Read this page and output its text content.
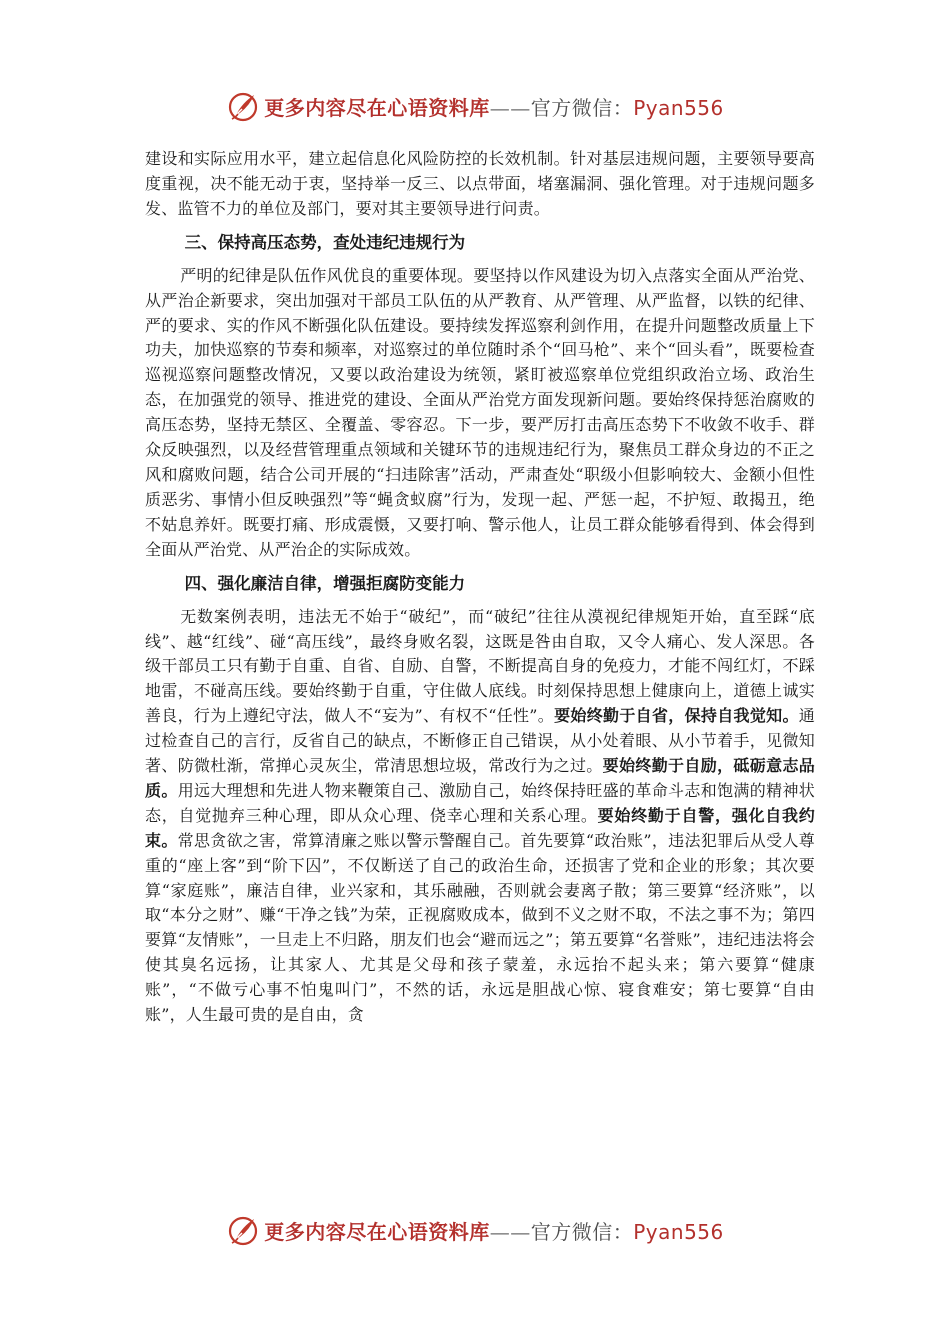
更多内容尽在心语资料库——官方微信：Pyan556

建设和实际应用水平，建立起信息化风险防控的长效机制。针对基层违规问题，主要领导要高度重视，决不能无动于衷，坚持举一反三、以点带面，堵塞漏洞、强化管理。对于违规问题多发、监管不力的单位及部门，要对其主要领导进行问责。

三、保持高压态势，查处违纪违规行为

严明的纪律是队伍作风优良的重要体现。要坚持以作风建设为切入点落实全面从严治党、从严治企新要求，突出加强对干部员工队伍的从严教育、从严管理、从严监督，以铁的纪律、严的要求、实的作风不断强化队伍建设。要持续发挥巡察利剑作用，在提升问题整改质量上下功夫，加快巡察的节奏和频率，对巡察过的单位随时杀个“回马枪”、来个“回头看”，既要检查巡视巡察问题整改情况，又要以政治建设为统领，紧盯被巡察单位党组织政治立场、政治生态，在加强党的领导、推进党的建设、全面从严治党方面发现新问题。要始终保持惩治腐败的高压态势，坚持无禁区、全覆盖、零容忍。下一步，要严厉打击高压态势下不收敛不收手、群众反映强烈，以及经营管理重点领域和关键环节的违规违纪行为，聚焦员工群众身边的不正之风和腐败问题，结合公司开展的“扫违除害”活动，严肃查处“职级小但影响较大、金额小但性质恶劣、事情小但反映强烈”等“蝇贪蚁腐”行为，发现一起、严惩一起，不护短、敢揭丑，绝不姑息养奸。既要打痛、形成震慑，又要打响、警示他人，让员工群众能够看得到、体会得到全面从严治党、从严治企的实际成效。

四、强化廉洁自律，增强拒腐防变能力

无数案例表明，违法无不始于“破纪”，而“破纪”往往从漠视纪律规矩开始，直至踩“底线”、越“红线”、碰“高压线”，最终身败名裂，这既是咎由自取，又令人痛心、发人深思。各级干部员工只有勤于自重、自省、自励、自警，不断提高自身的免疫力，才能不闯红灯，不踩地雷，不碰高压线。要始终勤于自重，守住做人底线。时刻保持思想上健康向上，道德上诚实善良，行为上遵纪守法，做人不“妄为”、有权不“任性”。要始终勤于自省，保持自我觉知。通过检查自己的言行，反省自己的缺点，不断修正自己错误，从小处着眼、从小节着手，见微知著、防微杜渐，常掸心灵灰尘，常清思想垃圾，常改行为之过。要始终勤于自励，砥砺意志品质。用远大理想和先进人物来鞭策自己、激励自己，始终保持旺盛的革命斗志和饱满的精神状态，自觉抛弃三种心理，即从众心理、侥幸心理和关系心理。要始终勤于自警，强化自我约束。常思贪欲之害，常算清廉之账以警示警醒自己。首先要算“政治账”，违法犯罪后从受人尊重的“座上客”到“阶下囚”，不仅断送了自己的政治生命，还损害了党和企业的形象；其次要算“家庭账”，廉洁自律，业兴家和，其乐融融，否则就会妻离子散；第三要算“经济账”，以取“本分之财”、赚“干净之钱”为荣，正视腐败成本，做到不义之财不取，不法之事不为；第四要算“友情账”，一旦走上不归路，朋友们也会“避而远之”；第五要算“名誉账”，违纪违法将会使其臭名远扬，让其家人、尤其是父母和孩子蒙羞，永远抬不起头来；第六要算“健康账”，“不做亏心事不怕鬼叫门”，不然的话，永远是胆战心惊、寝食难安；第七要算“自由账”，人生最可贵的是自由，贪

更多内容尽在心语资料库——官方微信：Pyan556
